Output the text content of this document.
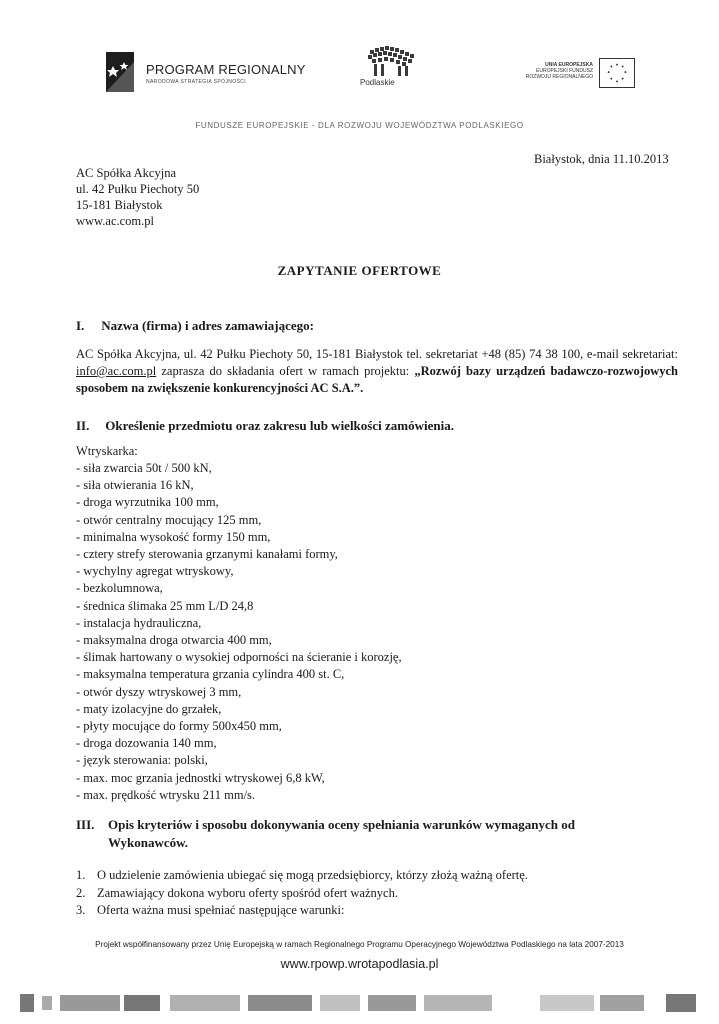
PROGRAM REGIONALNY
NARODOWA STRATEGIA SPÓJNOŚCI	Podlaskie
UNIA EUROPEJSKA
EUROPEJSKI FUNDUSZ
ROZWOJU REGIONALNEGO
FUNDUSZE EUROPEJSKIE - DLA ROZWOJU WOJEWÓDZTWA PODLASKIEGO
Białystok, dnia 11.10.2013
AC Spółka Akcyjna
ul. 42 Pułku Piechoty 50
15-181 Białystok
www.ac.com.pl
ZAPYTANIE OFERTOWE
I. Nazwa (firma) i adres zamawiającego:
AC Spółka Akcyjna, ul. 42 Pułku Piechoty 50, 15-181 Białystok tel. sekretariat +48 (85) 74 38 100, e-mail sekretariat: info@ac.com.pl zaprasza do składania ofert w ramach projektu: „Rozwój bazy urządzeń badawczo-rozwojowych sposobem na zwiększenie konkurencyjności AC S.A.”.
II. Określenie przedmiotu oraz zakresu lub wielkości zamówienia.
Wtryskarka:
- siła zwarcia 50t / 500 kN,
- siła otwierania 16 kN,
- droga wyrzutnika 100 mm,
- otwór centralny mocujący 125 mm,
- minimalna wysokość formy 150 mm,
- cztery strefy sterowania grzanymi kanałami formy,
- wychylny agregat wtryskowy,
- bezkolumnowa,
- średnica ślimaka 25 mm L/D 24,8
- instalacja hydrauliczna,
- maksymalna droga otwarcia 400 mm,
- ślimak hartowany o wysokiej odporności na ścieranie i korozję,
- maksymalna temperatura grzania cylindra 400 st. C,
- otwór dyszy wtryskowej 3 mm,
- maty izolacyjne do grzałek,
- płyty mocujące do formy 500x450 mm,
- droga dozowania 140 mm,
- język sterowania: polski,
- max. moc grzania jednostki wtryskowej 6,8 kW,
- max. prędkość wtrysku 211 mm/s.
III. Opis kryteriów i sposobu dokonywania oceny spełniania warunków wymaganych od
Wykonawców.
1. O udzielenie zamówienia ubiegać się mogą przedsiębiorcy, którzy złożą ważną ofertę.
2. Zamawiający dokona wyboru oferty spośród ofert ważnych.
3. Oferta ważna musi spełniać następujące warunki:
Projekt współfinansowany przez Unię Europejską w ramach Regionalnego Programu Operacyjnego Województwa Podlaskiego na lata 2007-2013
www.rpowp.wrotapodlasia.pl
